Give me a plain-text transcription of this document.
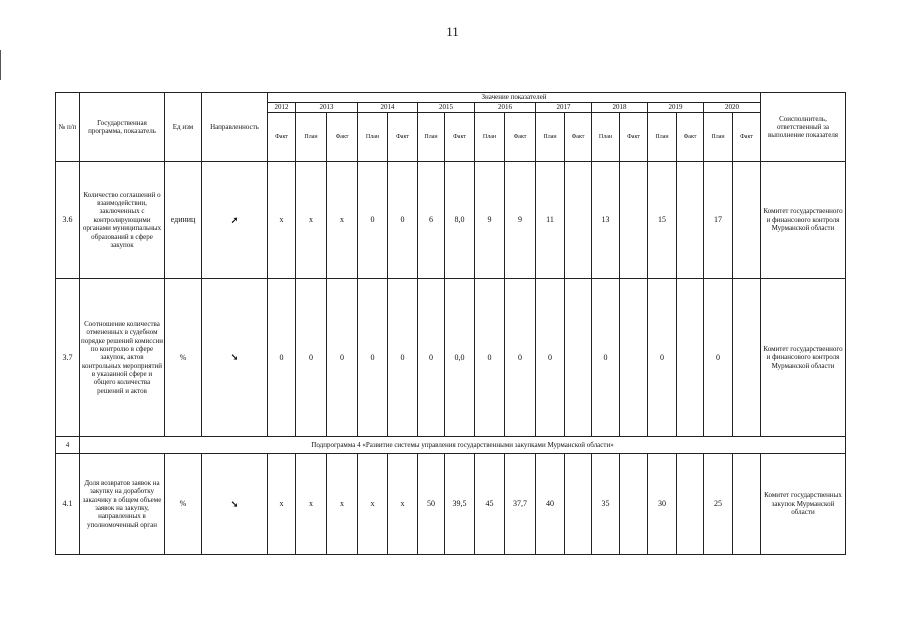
11
№ п/п	Государственная программа, показатель	Ед изм	Направленность	Значение показателей																	Соисполнитель, ответственный за выполнение показателя
				2012	2013		2014		2015		2016		2017		2018		2019		2020		
				Факт	План	Факт	План	Факт	План	Факт	План	Факт	План	Факт	План	Факт	План	Факт	План	Факт	
3.6	Количество соглашений о взаимодействии, заключенных с контролирующими органами муниципальных образований в сфере закупок	единиц	➚	x	x	x	0	0	6	8,0	9	9	11		13		15		17		Комитет государственного и финансового контроля Мурманской области
3.7	Соотношение количества отмененных в судебном порядке решений комиссии по контролю в сфере закупок, актов контрольных мероприятий в указанной сфере и общего количества решений и актов	%	➘	0	0	0	0	0	0	0,0	0	0	0		0		0		0		Комитет государственного и финансового контроля Мурманской области
4	Подпрограмма 4 «Развитие системы управления государственными закупками Мурманской области»																				
4.1	Доля возвратов заявок на закупку на доработку заказчику в общем объеме заявок на закупку, направленных в уполномоченный орган	%	➘	x	x	x	x	x	50	39,5	45	37,7	40		35		30		25		Комитет государственных закупок Мурманской области
